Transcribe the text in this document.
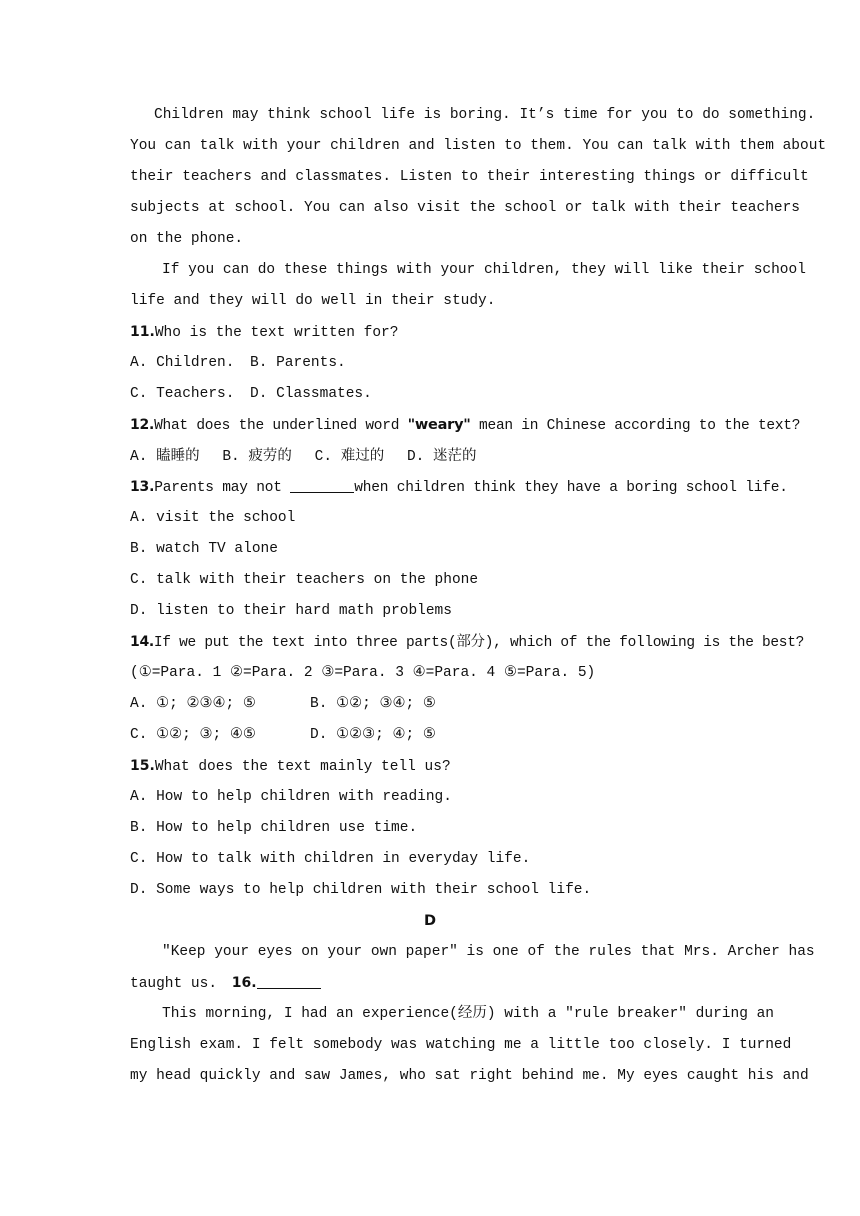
Children may think school life is boring. It’s time for you to do something.
You can talk with your children and listen to them. You can talk with them about
their teachers and classmates. Listen to their interesting things or difficult
subjects at school. You can also visit the school or talk with their teachers
on the phone.
If you can do these things with your children, they will like their school
life and they will do well in their study.
11.Who is the text written for?
A. Children. B. Parents.
C. Teachers. D. Classmates.
12.What does the underlined word "weary" mean in Chinese according to the text?
A. 瞌睡的 B. 疲劳的 C. 难过的 D. 迷茫的
13.Parents may not	when children think they have a boring school life.
A. visit the school
B. watch TV alone
C. talk with their teachers on the phone
D. listen to their hard math problems
14.If we put the text into three parts(部分), which of the following is the best?
(①=Para. 1 ②=Para. 2 ③=Para. 3 ④=Para. 4 ⑤=Para. 5)
A. ①; ②③④; ⑤	B. ①②; ③④; ⑤
C. ①②; ③; ④⑤	D. ①②③; ④; ⑤
15.What does the text mainly tell us?
A. How to help children with reading.
B. How to help children use time.
C. How to talk with children in everyday life.
D. Some ways to help children with their school life.
D
"Keep your eyes on your own paper" is one of the rules that Mrs. Archer has
taught us. 16.
This morning, I had an experience(经历) with a "rule breaker" during an
English exam. I felt somebody was watching me a little too closely. I turned
my head quickly and saw James, who sat right behind me. My eyes caught his and
